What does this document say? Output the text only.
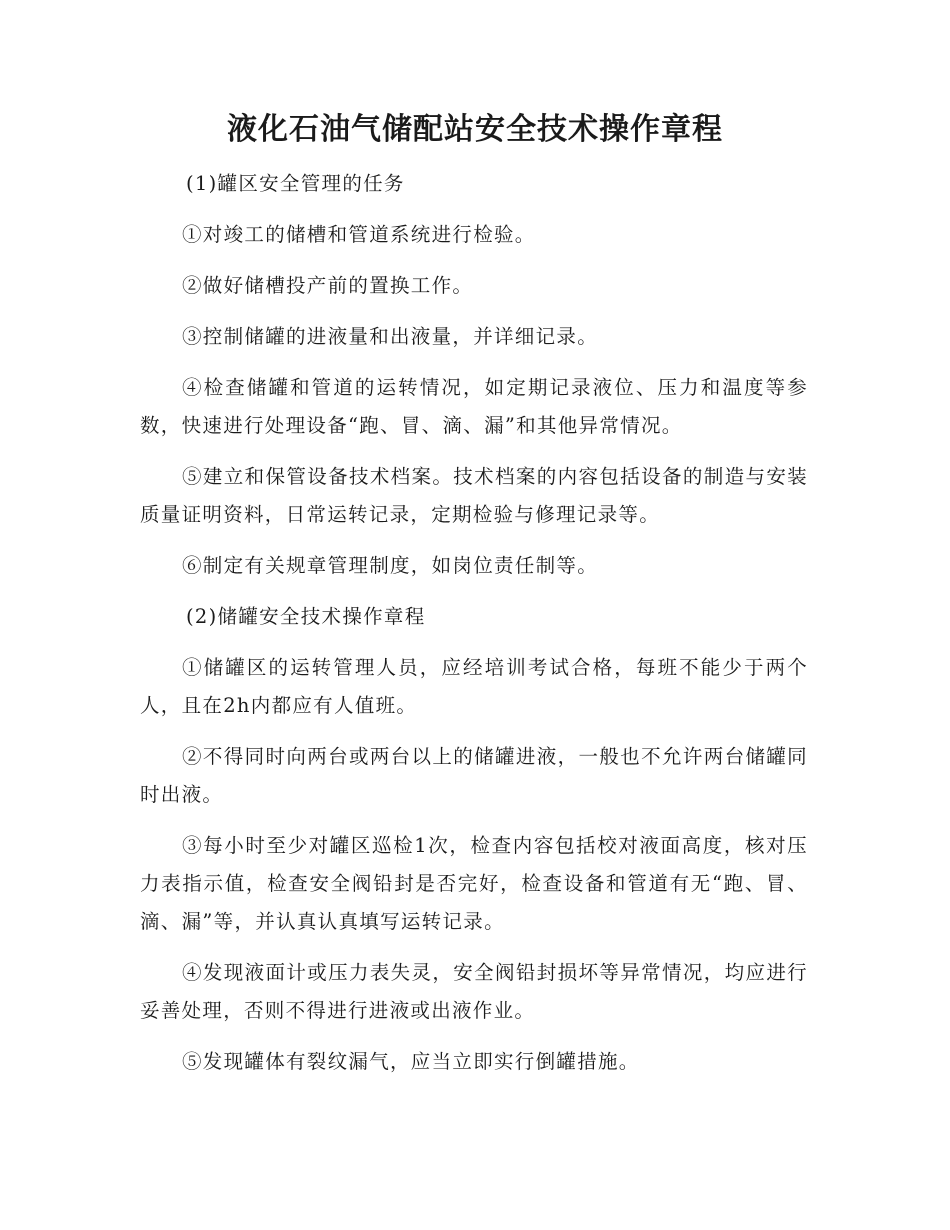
液化石油气储配站安全技术操作章程

(1)罐区安全管理的任务

①对竣工的储槽和管道系统进行检验。

②做好储槽投产前的置换工作。

③控制储罐的进液量和出液量，并详细记录。

④检查储罐和管道的运转情况，如定期记录液位、压力和温度等参数，快速进行处理设备“跑、冒、滴、漏”和其他异常情况。

⑤建立和保管设备技术档案。技术档案的内容包括设备的制造与安装质量证明资料，日常运转记录，定期检验与修理记录等。

⑥制定有关规章管理制度，如岗位责任制等。

(2)储罐安全技术操作章程

①储罐区的运转管理人员，应经培训考试合格，每班不能少于两个人，且在2h内都应有人值班。

②不得同时向两台或两台以上的储罐进液，一般也不允许两台储罐同时出液。

③每小时至少对罐区巡检1次，检查内容包括校对液面高度，核对压力表指示值，检查安全阀铅封是否完好，检查设备和管道有无“跑、冒、滴、漏”等，并认真认真填写运转记录。

④发现液面计或压力表失灵，安全阀铅封损坏等异常情况，均应进行妥善处理，否则不得进行进液或出液作业。

⑤发现罐体有裂纹漏气，应当立即实行倒罐措施。
